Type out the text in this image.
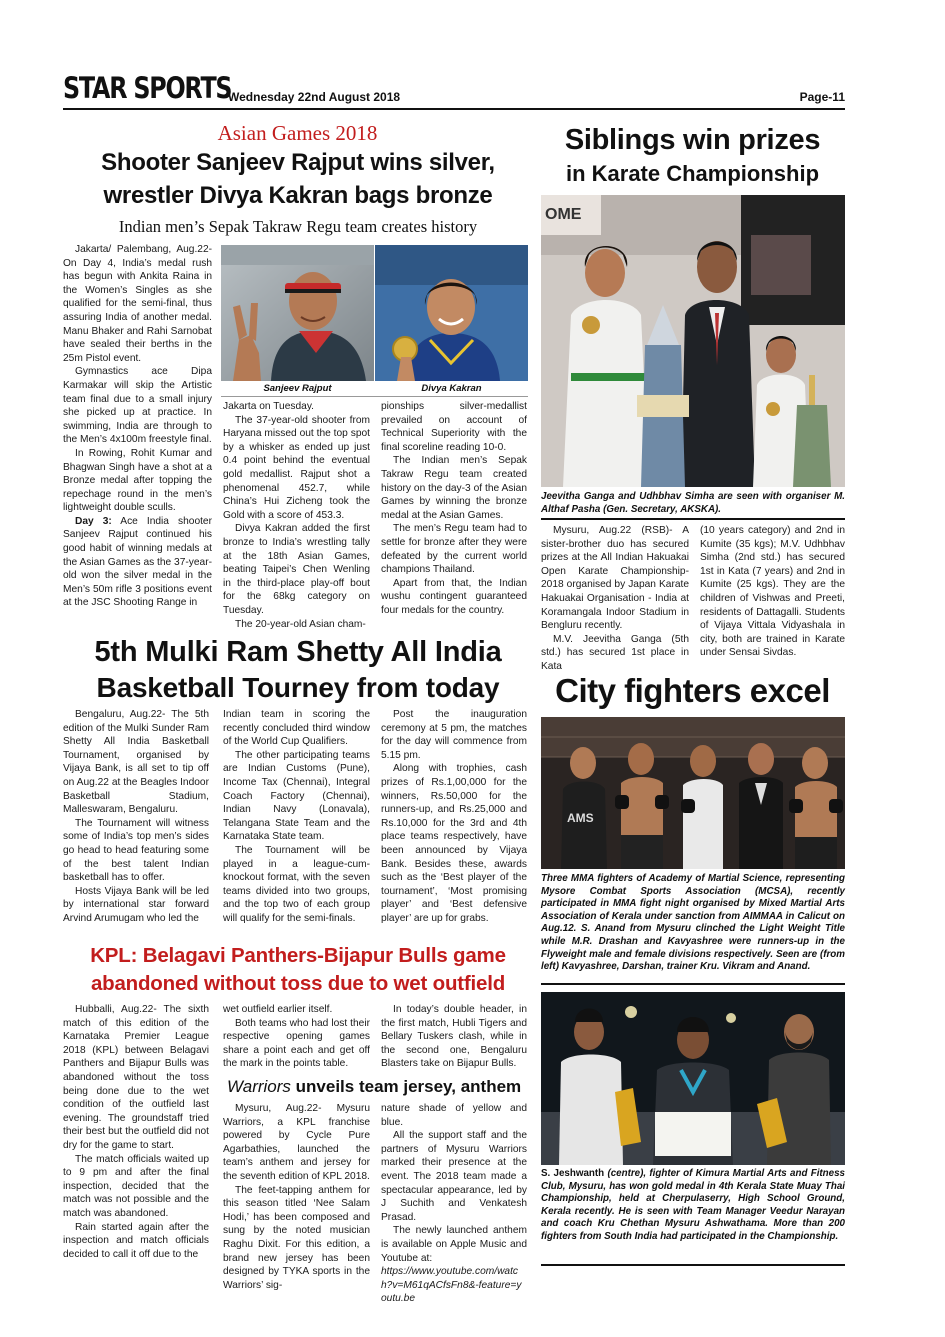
STAR SPORTS
Wednesday 22nd August 2018	Page-11
Asian Games 2018
Shooter Sanjeev Rajput wins silver,
wrestler Divya Kakran bags bronze
Indian men’s Sepak Takraw Regu team creates history

Jakarta/ Palembang, Aug.22- On Day 4, India’s medal rush has begun with Ankita Raina in the Women’s Singles as she qualified for the semi-final, thus assuring India of another medal. Manu Bhaker and Rahi Sarnobat have sealed their berths in the 25m Pistol event.

Gymnastics ace Dipa Karmakar will skip the Artistic team final due to a small injury she picked up at practice. In swimming, India are through to the Men’s 4x100m freestyle final.

In Rowing, Rohit Kumar and Bhagwan Singh have a shot at a Bronze medal after topping the repechage round in the men’s lightweight double sculls.

Day 3: Ace India shooter Sanjeev Rajput continued his good habit of winning medals at the Asian Games as the 37-year-old won the silver medal in the Men’s 50m rifle 3 positions event at the JSC Shooting Range in

Sanjeev Rajput	Divya Kakran

Jakarta on Tuesday.

The 37-year-old shooter from Haryana missed out the top spot by a whisker as ended up just 0.4 point behind the eventual gold medallist. Rajput shot a phenomenal 452.7, while China’s Hui Zicheng took the Gold with a score of 453.3.

Divya Kakran added the first bronze to India’s wrestling tally at the 18th Asian Games, beating Taipei’s Chen Wenling in the third-place play-off bout for the 68kg category on Tuesday.

The 20-year-old Asian cham-

pionships silver-medallist prevailed on account of Technical Superiority with the final scoreline reading 10-0.

The Indian men’s Sepak Takraw Regu team created history on the day-3 of the Asian Games by winning the bronze medal at the Asian Games.

The men’s Regu team had to settle for bronze after they were defeated by the current world champions Thailand.

Apart from that, the Indian wushu contingent guaranteed four medals for the country.

Siblings win prizes
in Karate Championship
OME
Jeevitha Ganga and Udhbhav Simha are seen with organiser M. Althaf Pasha (Gen. Secretary, AKSKA).

Mysuru, Aug.22 (RSB)- A sister-brother duo has secured prizes at the All Indian Hakuakai Open Karate Championship-2018 organised by Japan Karate Hakuakai Organisation - India at Koramangala Indoor Stadium in Bengluru recently.

M.V. Jeevitha Ganga (5th std.) has secured 1st place in Kata

(10 years category) and 2nd in Kumite (35 kgs); M.V. Udhbhav Simha (2nd std.) has secured 1st in Kata (7 years) and 2nd in Kumite (25 kgs). They are the children of Vishwas and Preeti, residents of Dattagalli. Students of Vijaya Vittala Vidyashala in city, both are trained in Karate under Sensai Sivdas.

5th Mulki Ram Shetty All India
Basketball Tourney from today

Bengaluru, Aug.22- The 5th edition of the Mulki Sunder Ram Shetty All India Basketball Tournament, organised by Vijaya Bank, is all set to tip off on Aug.22 at the Beagles Indoor Basketball Stadium, Malleswaram, Bengaluru.

The Tournament will witness some of India’s top men’s sides go head to head featuring some of the best talent Indian basketball has to offer.

Hosts Vijaya Bank will be led by international star forward Arvind Arumugam who led the

Indian team in scoring the recently concluded third window of the World Cup Qualifiers.

The other participating teams are Indian Customs (Pune), Income Tax (Chennai), Integral Coach Factory (Chennai), Indian Navy (Lonavala), Telangana State Team and the Karnataka State team.

The Tournament will be played in a league-cum-knockout format, with the seven teams divided into two groups, and the top two of each group will qualify for the semi-finals.

Post the inauguration ceremony at 5 pm, the matches for the day will commence from 5.15 pm.

Along with trophies, cash prizes of Rs.1,00,000 for the winners, Rs.50,000 for the runners-up, and Rs.25,000 and Rs.10,000 for the 3rd and 4th place teams respectively, have been announced by Vijaya Bank. Besides these, awards such as the ‘Best player of the tournament’, ‘Most promising player’ and ‘Best defensive player’ are up for grabs.

City fighters excel
AMS
Three MMA fighters of Academy of Martial Science, representing Mysore Combat Sports Association (MCSA), recently participated in MMA fight night organised by Mixed Martial Arts Association of Kerala under sanction from AIMMAA in Calicut on Aug.12. S. Anand from Mysuru clinched the Light Weight Title while M.R. Drashan and Kavyashree were runners-up in the Flyweight male and female divisions respectively. Seen are (from left) Kavyashree, Darshan, trainer Kru. Vikram and Anand.
S. Jeshwanth (centre), fighter of Kimura Martial Arts and Fitness Club, Mysuru, has won gold medal in 4th Kerala State Muay Thai Championship, held at Cherpulaserry, High School Ground, Kerala recently. He is seen with Team Manager Veedur Narayan and coach Kru Chethan Mysuru Ashwathama. More than 200 fighters from South India had participated in the Championship.
KPL: Belagavi Panthers-Bijapur Bulls game
abandoned without toss due to wet outfield

Hubballi, Aug.22- The sixth match of this edition of the Karnataka Premier League 2018 (KPL) between Belagavi Panthers and Bijapur Bulls was abandoned without the toss being done due to the wet condition of the outfield last evening. The groundstaff tried their best but the outfield did not dry for the game to start.

The match officials waited up to 9 pm and after the final inspection, decided that the match was not possible and the match was abandoned.

Rain started again after the inspection and match officials decided to call it off due to the

wet outfield earlier itself.

Both teams who had lost their respective opening games share a point each and get off the mark in the points table.

In today’s double header, in the first match, Hubli Tigers and Bellary Tuskers clash, while in the second one, Bengaluru Blasters take on Bijapur Bulls.

Warriors unveils team jersey, anthem

Mysuru, Aug.22- Mysuru Warriors, a KPL franchise powered by Cycle Pure Agarbathies, launched the team’s anthem and jersey for the seventh edition of KPL 2018.

The feet-tapping anthem for this season titled ‘Nee Salam Hodi,’ has been composed and sung by the noted musician Raghu Dixit. For this edition, a brand new jersey has been designed by TYKA sports in the Warriors’ sig-

nature shade of yellow and blue.

All the support staff and the partners of Mysuru Warriors marked their presence at the event. The 2018 team made a spectacular appearance, led by J Suchith and Venkatesh Prasad.

The newly launched anthem is available on Apple Music and Youtube at:

https://www.youtube.com/watch?v=M61qACfsFn8&-feature=youtu.be
